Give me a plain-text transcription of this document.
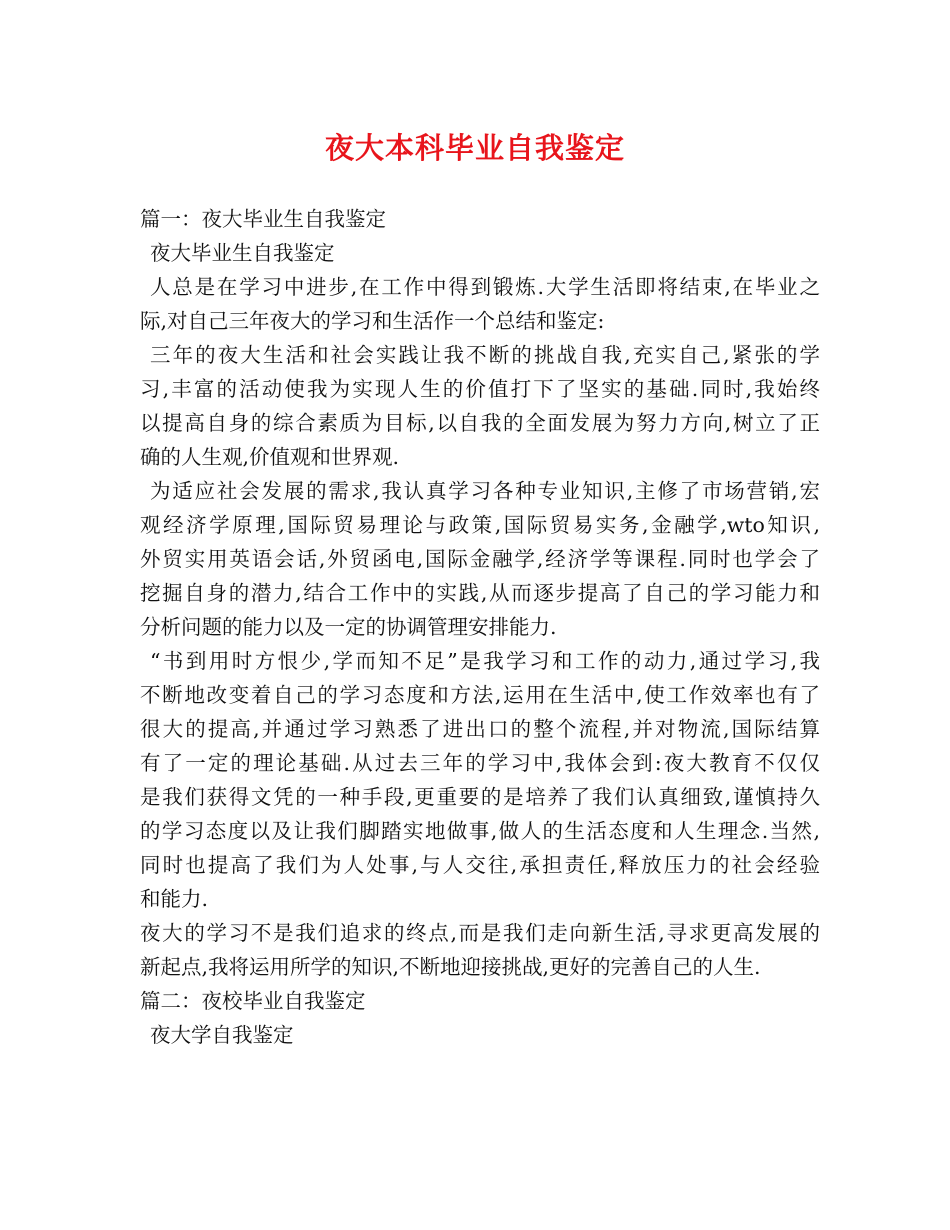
夜大本科毕业自我鉴定
篇一：夜大毕业生自我鉴定
夜大毕业生自我鉴定
人总是在学习中进步,在工作中得到锻炼.大学生活即将结束,在毕业之
际,对自己三年夜大的学习和生活作一个总结和鉴定:
三年的夜大生活和社会实践让我不断的挑战自我,充实自己,紧张的学
习,丰富的活动使我为实现人生的价值打下了坚实的基础.同时,我始终
以提高自身的综合素质为目标,以自我的全面发展为努力方向,树立了正
确的人生观,价值观和世界观.
为适应社会发展的需求,我认真学习各种专业知识,主修了市场营销,宏
观经济学原理,国际贸易理论与政策,国际贸易实务,金融学,wto知识,
外贸实用英语会话,外贸函电,国际金融学,经济学等课程.同时也学会了
挖掘自身的潜力,结合工作中的实践,从而逐步提高了自己的学习能力和
分析问题的能力以及一定的协调管理安排能力.
“书到用时方恨少,学而知不足”是我学习和工作的动力,通过学习,我
不断地改变着自己的学习态度和方法,运用在生活中,使工作效率也有了
很大的提高,并通过学习熟悉了进出口的整个流程,并对物流,国际结算
有了一定的理论基础.从过去三年的学习中,我体会到:夜大教育不仅仅
是我们获得文凭的一种手段,更重要的是培养了我们认真细致,谨慎持久
的学习态度以及让我们脚踏实地做事,做人的生活态度和人生理念.当然,
同时也提高了我们为人处事,与人交往,承担责任,释放压力的社会经验
和能力.
夜大的学习不是我们追求的终点,而是我们走向新生活,寻求更高发展的
新起点,我将运用所学的知识,不断地迎接挑战,更好的完善自己的人生.
篇二：夜校毕业自我鉴定
夜大学自我鉴定
